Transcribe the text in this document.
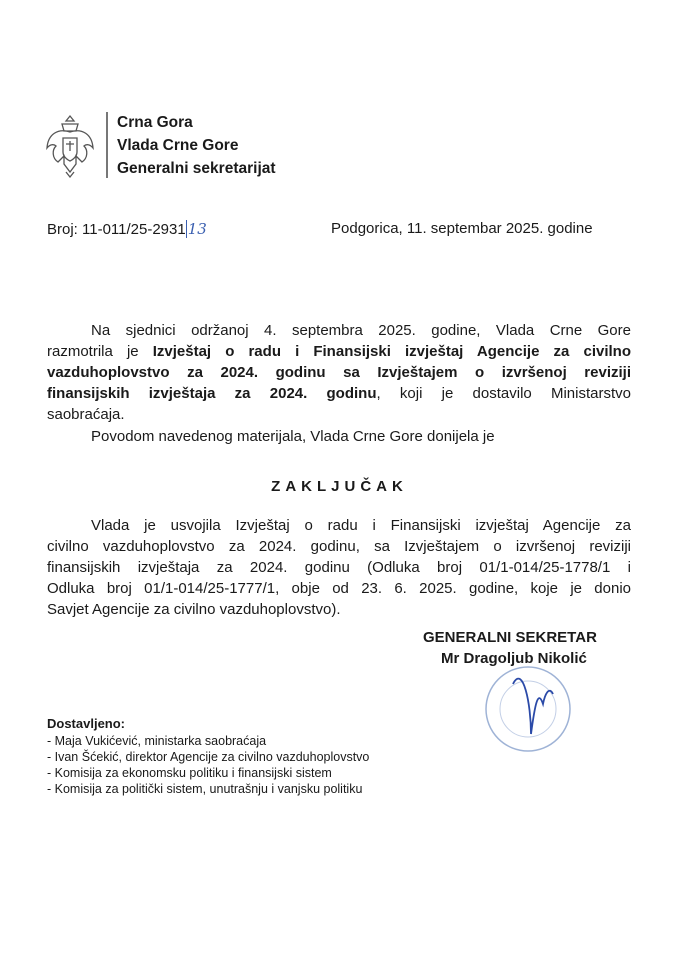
Crna Gora
Vlada Crne Gore
Generalni sekretarijat
Broj: 11-011/25-2931 13	Podgorica, 11. septembar 2025. godine
Na sjednici održanoj 4. septembra 2025. godine, Vlada Crne Gore
razmotrila je Izvještaj o radu i Finansijski izvještaj Agencije za civilno
vazduhoplovstvo za 2024. godinu sa Izvještajem o izvršenoj reviziji
finansijskih izvještaja za 2024. godinu, koji je dostavilo Ministarstvo
saobraćaja.
Povodom navedenog materijala, Vlada Crne Gore donijela je
ZAKLJUČAK
Vlada je usvojila Izvještaj o radu i Finansijski izvještaj Agencije za
civilno vazduhoplovstvo za 2024. godinu, sa Izvještajem o izvršenoj reviziji
finansijskih izvještaja za 2024. godinu (Odluka broj 01/1-014/25-1778/1 i
Odluka broj 01/1-014/25-1777/1, obje od 23. 6. 2025. godine, koje je donio
Savjet Agencije za civilno vazduhoplovstvo).
GENERALNI SEKRETAR
Mr Dragoljub Nikolić
Dostavljeno:
- Maja Vukićević, ministarka saobraćaja
- Ivan Šćekić, direktor Agencije za civilno vazduhoplovstvo
- Komisija za ekonomsku politiku i finansijski sistem
- Komisija za politički sistem, unutrašnju i vanjsku politiku
